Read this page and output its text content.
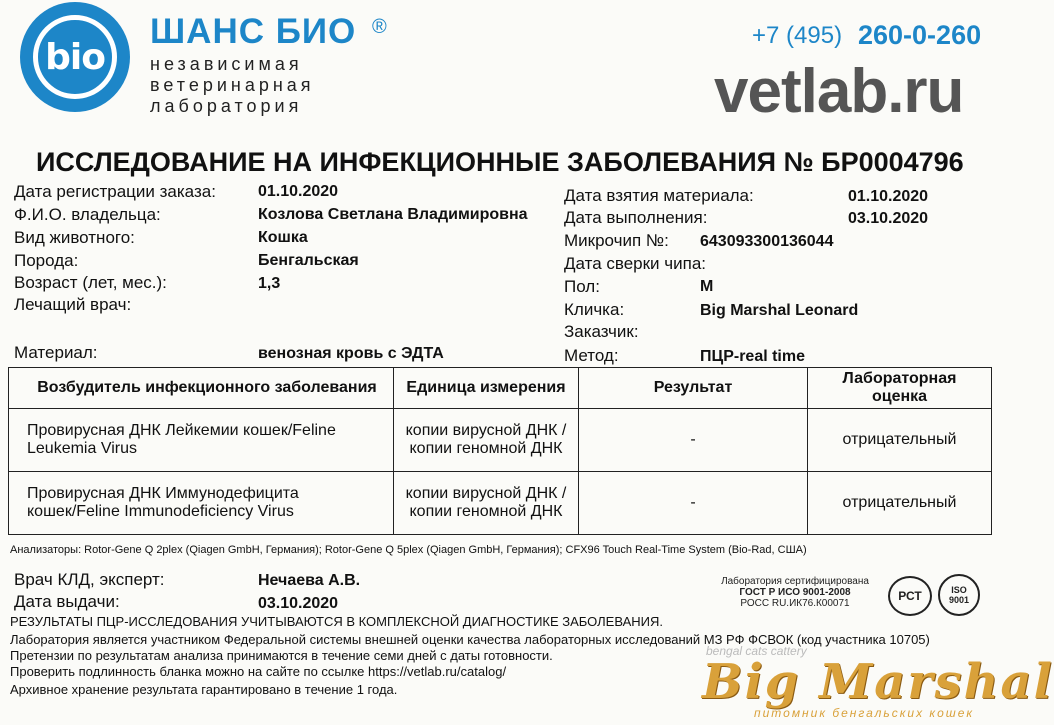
bio
ШАНС БИО ®
независимая
ветеринарная
лаборатория
+7 (495) 260-0-260
vetlab.ru
ИССЛЕДОВАНИЕ НА ИНФЕКЦИОННЫЕ ЗАБОЛЕВАНИЯ № БР0004796
Дата регистрации заказа:	01.10.2020
Ф.И.О. владельца:	Козлова Светлана Владимировна
Вид животного:	Кошка
Порода:	Бенгальская
Возраст (лет, мес.):	1,3
Лечащий врач:
Дата взятия материала:	01.10.2020
Дата выполнения:	03.10.2020
Микрочип №: 643093300136044
Дата сверки чипа:
Пол:	М
Кличка:	Big Marshal Leonard
Заказчик:
Материал:	венозная кровь с ЭДТА	Метод:	ПЦР-real time
Возбудитель инфекционного заболевания	Единица измерения	Результат	Лабораторная оценка
Провирусная ДНК Лейкемии кошек/Feline Leukemia Virus	копии вирусной ДНК / копии геномной ДНК	-	отрицательный
Провирусная ДНК Иммунодефицита кошек/Feline Immunodeficiency Virus	копии вирусной ДНК / копии геномной ДНК	-	отрицательный
Анализаторы: Rotor-Gene Q 2plex (Qiagen GmbH, Германия); Rotor-Gene Q 5plex (Qiagen GmbH, Германия); CFX96 Touch Real-Time System (Bio-Rad, США)
Врач КЛД, эксперт:	Нечаева А.В.
Дата выдачи:	03.10.2020
Лаборатория сертифицирована
ГОСТ Р ИСО 9001-2008
РОСС RU.ИК76.К00071
РСТ	ISO 9001
РЕЗУЛЬТАТЫ ПЦР-ИССЛЕДОВАНИЯ УЧИТЫВАЮТСЯ В КОМПЛЕКСНОЙ ДИАГНОСТИКЕ ЗАБОЛЕВАНИЯ.
Лаборатория является участником Федеральной системы внешней оценки качества лабораторных исследований МЗ РФ ФСВОК (код участника 10705)
Претензии по результатам анализа принимаются в течение семи дней с даты готовности.
Проверить подлинность бланка можно на сайте по ссылке https://vetlab.ru/catalog/
Архивное хранение результата гарантировано в течение 1 года.
bengal cats cattery
Big Marshal
питомник бенгальских кошек
